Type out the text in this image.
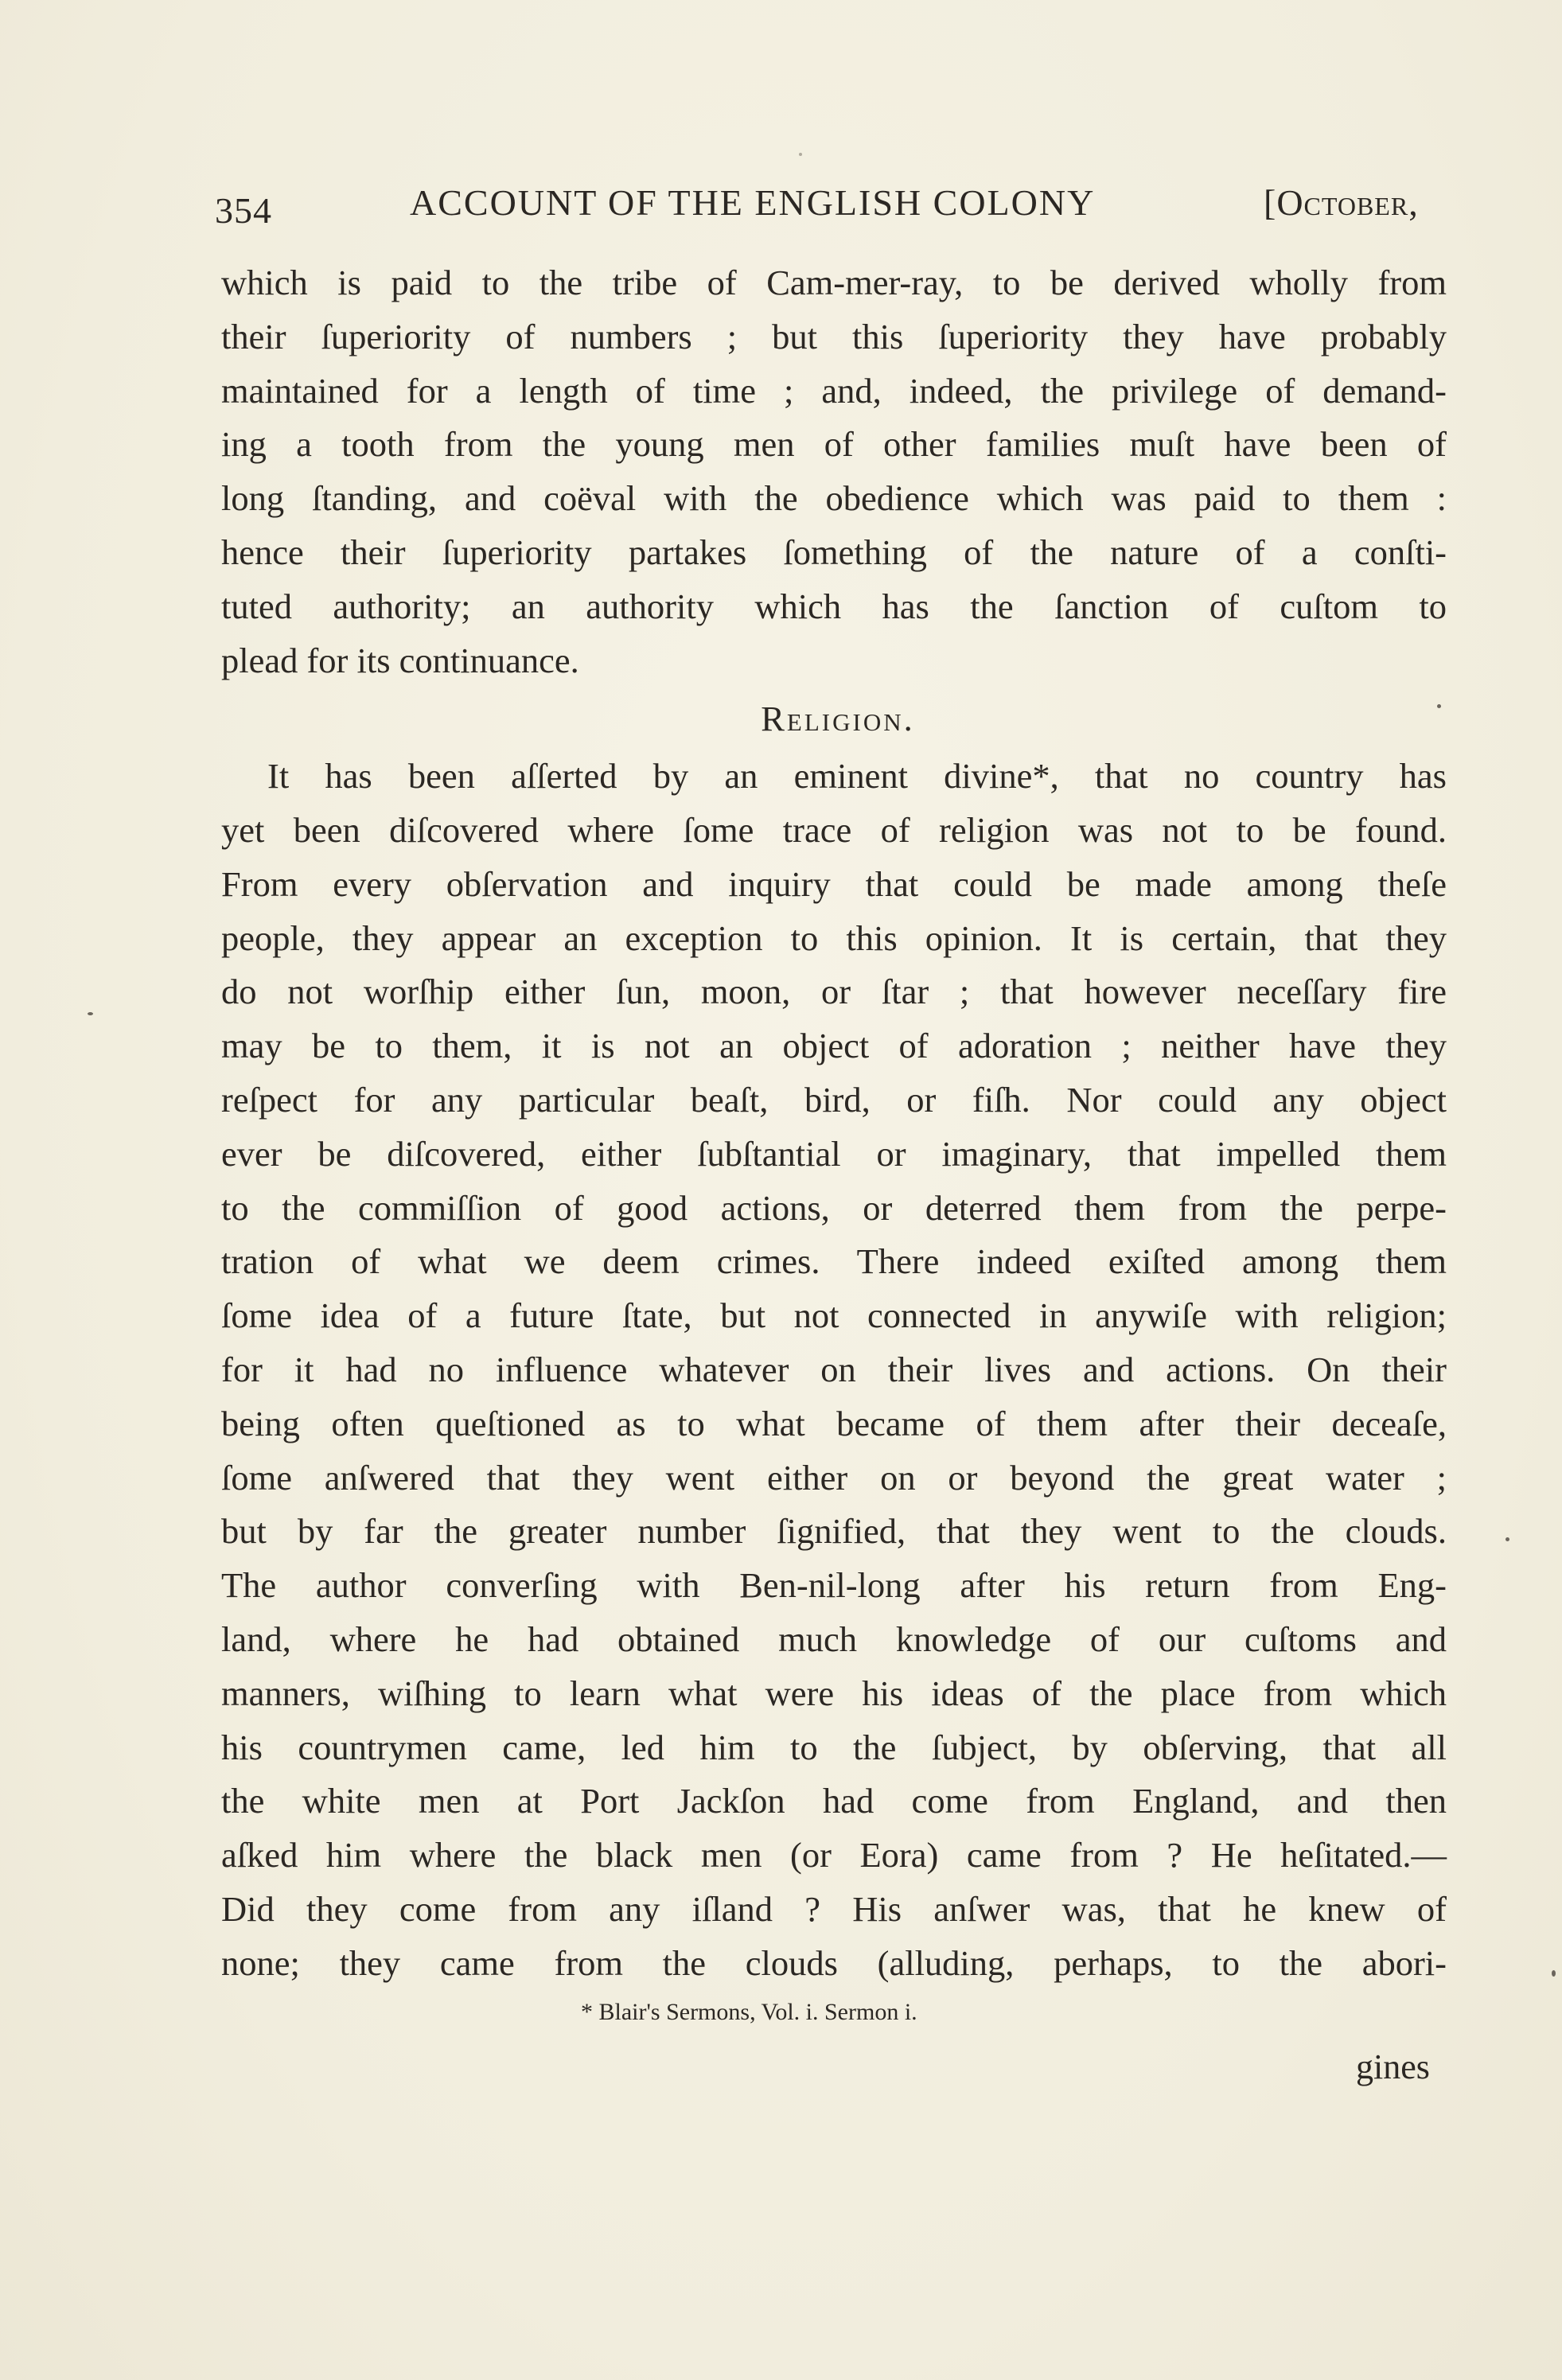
354	ACCOUNT OF THE ENGLISH COLONY	[October,
which is paid to the tribe of Cam-mer-ray, to be derived wholly from
their ſuperiority of numbers ; but this ſuperiority they have probably
maintained for a length of time ; and, indeed, the privilege of demand-
ing a tooth from the young men of other families muſt have been of
long ſtanding, and coëval with the obedience which was paid to them :
hence their ſuperiority partakes ſomething of the nature of a conſti-
tuted authority; an authority which has the ſanction of cuſtom to
plead for its continuance.
Religion.
It has been aſſerted by an eminent divine*, that no country has
yet been diſcovered where ſome trace of religion was not to be found.
From every obſervation and inquiry that could be made among theſe
people, they appear an exception to this opinion. It is certain, that they
do not worſhip either ſun, moon, or ſtar ; that however neceſſary fire
may be to them, it is not an object of adoration ; neither have they
reſpect for any particular beaſt, bird, or fiſh. Nor could any object
ever be diſcovered, either ſubſtantial or imaginary, that impelled them
to the commiſſion of good actions, or deterred them from the perpe-
tration of what we deem crimes. There indeed exiſted among them
ſome idea of a future ſtate, but not connected in anywiſe with religion;
for it had no influence whatever on their lives and actions. On their
being often queſtioned as to what became of them after their deceaſe,
ſome anſwered that they went either on or beyond the great water ;
but by far the greater number ſignified, that they went to the clouds.
The author converſing with Ben-nil-long after his return from Eng-
land, where he had obtained much knowledge of our cuſtoms and
manners, wiſhing to learn what were his ideas of the place from which
his countrymen came, led him to the ſubject, by obſerving, that all
the white men at Port Jackſon had come from England, and then
aſked him where the black men (or Eora) came from ? He heſitated.—
Did they come from any iſland ? His anſwer was, that he knew of
none; they came from the clouds (alluding, perhaps, to the abori-
* Blair's Sermons, Vol. i. Sermon i.
gines
